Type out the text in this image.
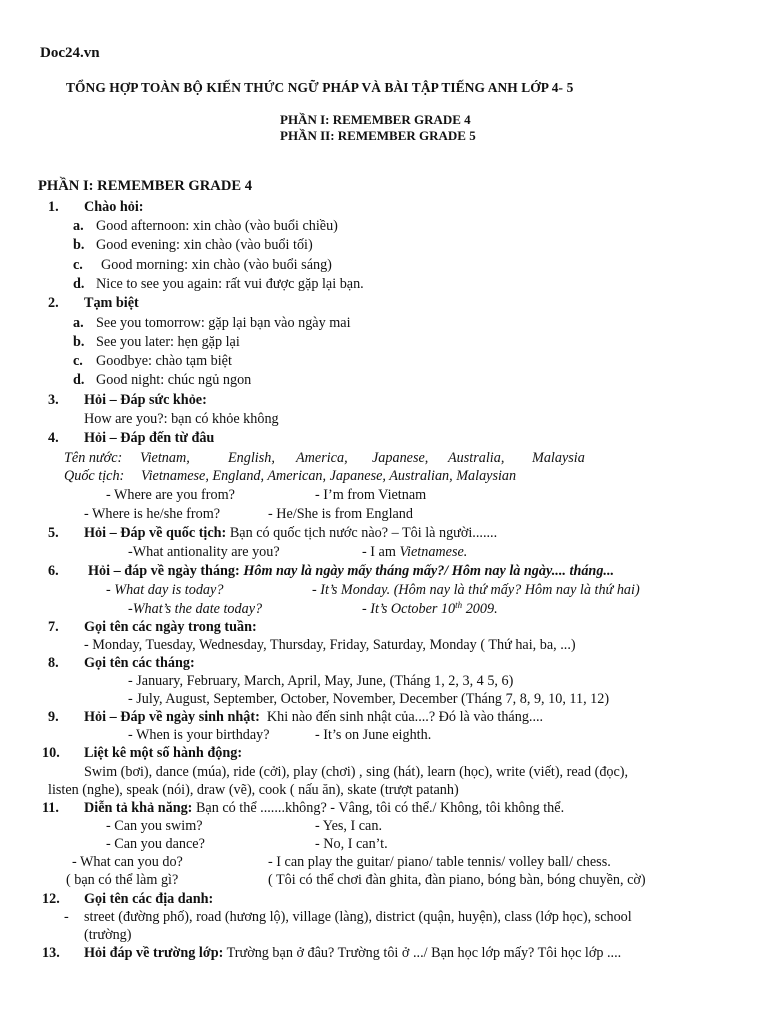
Doc24.vn
TỔNG HỢP TOÀN BỘ KIẾN THỨC NGỮ PHÁP VÀ BÀI TẬP TIẾNG ANH LỚP 4- 5
PHẦN I: REMEMBER GRADE 4
PHẦN II: REMEMBER GRADE 5
PHẦN I: REMEMBER GRADE 4
1. Chào hỏi:
a. Good afternoon: xin chào (vào buổi chiều)
b. Good evening: xin chào (vào buổi tối)
c. Good morning: xin chào (vào buổi sáng)
d. Nice to see you again: rất vui được gặp lại bạn.
2. Tạm biệt
a. See you tomorrow: gặp lại bạn vào ngày mai
b. See you later: hẹn gặp lại
c. Goodbye: chào tạm biệt
d. Good night: chúc ngủ ngon
3. Hỏi – Đáp sức khỏe:
How are you?: bạn có khỏe không
4. Hỏi – Đáp đến từ đâu
Tên nước: Vietnam,	English, America, Japanese, Australia, Malaysia
Quốc tịch: Vietnamese, England, American, Japanese, Australian, Malaysian
- Where are you from?	- I’m from Vietnam
- Where is he/she from?	- He/She is from England
5. Hỏi – Đáp về quốc tịch: Bạn có quốc tịch nước nào? – Tôi là người.......
-What antionality are you?	- I am Vietnamese.
6. Hỏi – đáp về ngày tháng: Hôm nay là ngày mấy tháng mấy?/ Hôm nay là ngày.... tháng...
- What day is today?	- It’s Monday. (Hôm nay là thứ mấy? Hôm nay là thứ hai)
-What’s the date today?	- It’s October 10th 2009.
7. Gọi tên các ngày trong tuần:
- Monday, Tuesday, Wednesday, Thursday, Friday, Saturday, Monday ( Thứ hai, ba, ...)
8. Gọi tên các tháng:
- January, February, March, April, May, June, (Tháng 1, 2, 3, 4 5, 6)
- July, August, September, October, November, December (Tháng 7, 8, 9, 10, 11, 12)
9. Hỏi – Đáp về ngày sinh nhật: Khi nào đến sinh nhật của....? Đó là vào tháng....
- When is your birthday?	- It’s on June eighth.
10. Liệt kê một số hành động:
Swim (bơi), dance (múa), ride (cởi), play (chơi) , sing (hát), learn (học), write (viết), read (đọc),
listen (nghe), speak (nói), draw (vẽ), cook ( nấu ăn), skate (trượt patanh)
11. Diễn tả khả năng: Bạn có thể .......không? - Vâng, tôi có thể./ Không, tôi không thể.
- Can you swim?	- Yes, I can.
- Can you dance?	- No, I can’t.
- What can you do?	- I can play the guitar/ piano/ table tennis/ volley ball/ chess.
( bạn có thể làm gì?	( Tôi có thể chơi đàn ghita, đàn piano, bóng bàn, bóng chuyền, cờ)
12. Gọi tên các địa danh:
- street (đường phố), road (hương lộ), village (làng), district (quận, huyện), class (lớp học), school
(trường)
13. Hỏi đáp về trường lớp: Trường bạn ở đâu? Trường tôi ở .../ Bạn học lớp mấy? Tôi học lớp ....
